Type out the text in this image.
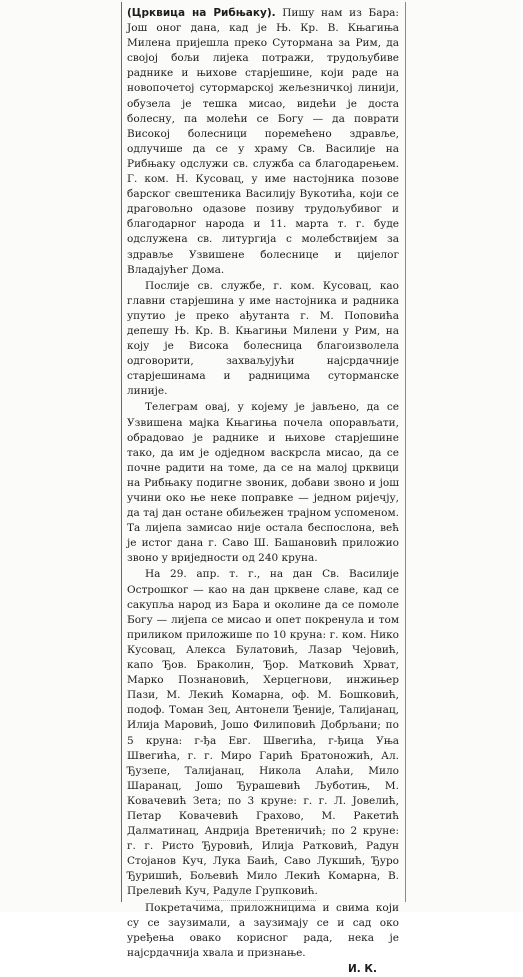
(Црквица на Рибњаку). Пишу нам из Бара: Још оног дана, кад је Њ. Кр. В. Књагиња Милена пријешла преко Сутормана за Рим, да својој бољи лијека потражи, трудољубиве раднике и њихове старјешине, који раде на новопочетој сутормарској жељезничкој линији, обузела је тешка мисао, видећи је доста болесну, па молећи се Богу — да поврати Високој болесници поремећено здравље, одлучише да се у храму Св. Василије на Рибњаку одслужи св. служба са благодарењем. Г. ком. Н. Кусовац, у име настојника позове барског свештеника Василију Вукотића, који се драговољно одазове позиву трудољубивог и благодарног народа и 11. марта т. г. буде одслужена св. литургија с молебствијем за здравље Узвишене болеснице и цијелог Владајућег Дома.

Послије св. службе, г. ком. Кусовац, као главни старјешина у име настојника и радника упутио је преко ађутанта г. М. Поповића депешу Њ. Кр. В. Књагињи Милени у Рим, на коју је Висока болесница благоизволела одговорити, захваљујући најсрдачније старјешинама и радницима суторманске линије.

Телеграм овај, у којему је јављено, да се Узвишена мајка Књагиња почела опорављати, обрадовао је раднике и њихове старјешине тако, да им је одједном васкрсла мисао, да се почне радити на томе, да се на малој црквици на Рибњаку подигне звоник, добави звоно и још учини око ње неке поправке — једном ријечју, да тај дан остане обиљежен трајном успоменом. Та лијепа замисао није остала беспослона, већ је истог дана г. Саво Ш. Башановић приложио звоно у вриједности од 240 круна.

На 29. апр. т. г., на дан Св. Василије Острошког — као на дан црквене славе, кад се сакупља народ из Бара и околине да се помоле Богу — лијепа се мисао и опет покренула и том приликом приложише по 10 круна: г. ком. Нико Кусовац, Алекса Булатовић, Лазар Чејовић, капо Ђов. Браколин, Ђор. Матковић Хрват, Марко Познановић, Херцегнови, инжињер Пази, М. Лекић Комарна, оф. М. Бошковић, подоф. Томан Зец, Антонели Ђеније, Талијанац, Илија Маровић, Јошо Филиповић Добрљани; по 5 круна: г-ђа Евг. Швегића, г-ђица Уња Швегића, г. г. Миро Гарић Братоножић, Ал. Ђузепе, Талијанац, Никола Алаћи, Мило Шаранац, Јошо Ђурашевић Љуботињ, М. Ковачевић Зета; по 3 круне: г. г. Л. Јовелић, Петар Ковачевић Грахово, М. Ракетић Далматинац, Андрија Вретеничић; по 2 круне: г. г. Ристо Ђуровић, Илија Ратковић, Радун Стојанов Куч, Лука Баић, Саво Лукшић, Ђуро Ђуришић, Бољевић Мило Лекић Комарна, В. Прелевић Куч, Радуле Групковић.

Покретачима, приложницима и свима који су се заузимали, а заузимају се и сад око уређења овако корисног рада, нека је најсрдачнија хвала и признање.

И. К.
